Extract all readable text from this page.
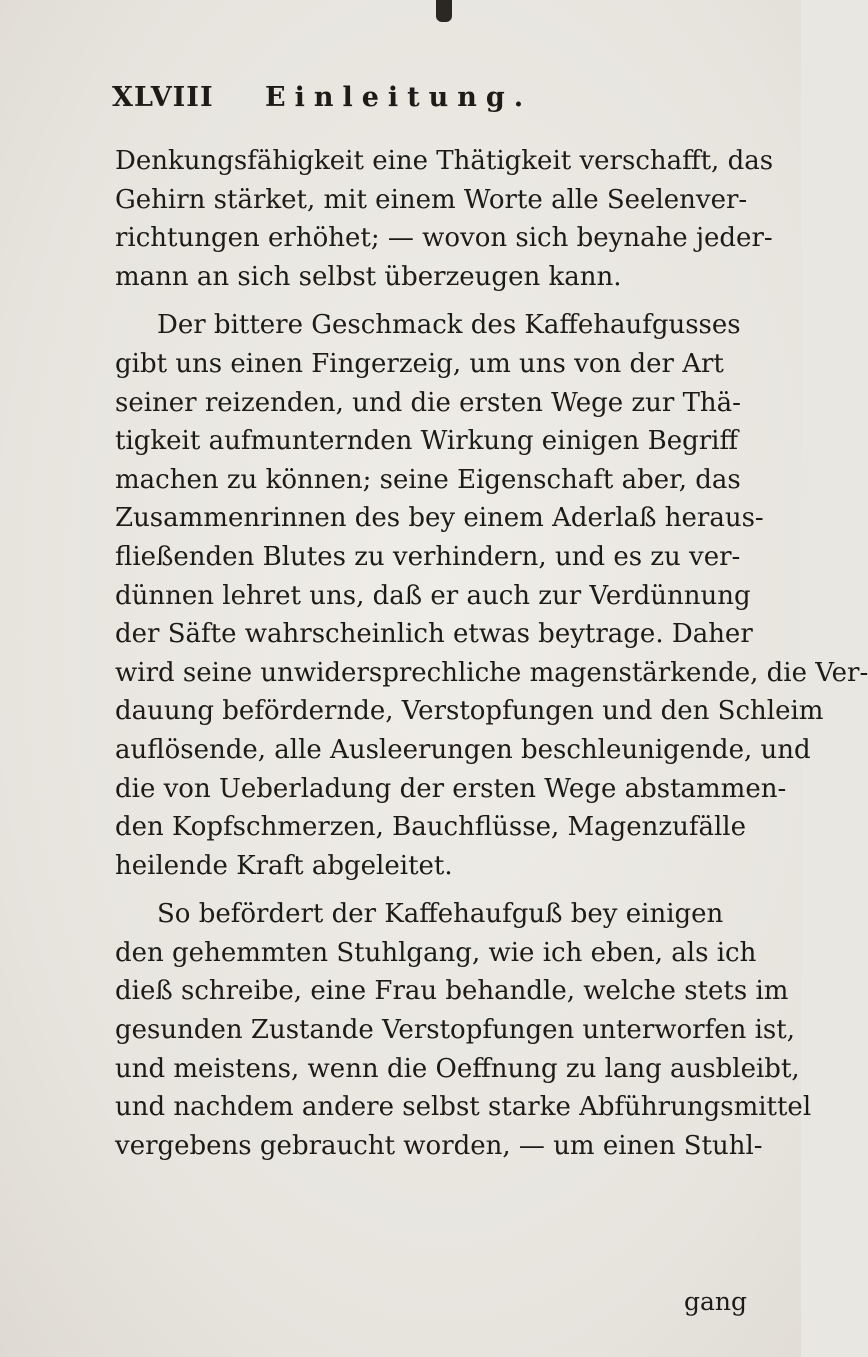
XLVIII Einleitung.
Denkungsfähigkeit eine Thätigkeit verschafft, das
Gehirn stärket, mit einem Worte alle Seelenver-
richtungen erhöhet; — wovon sich beynahe jeder-
mann an sich selbst überzeugen kann.
Der bittere Geschmack des Kaffehaufgusses
gibt uns einen Fingerzeig, um uns von der Art
seiner reizenden, und die ersten Wege zur Thä-
tigkeit aufmunternden Wirkung einigen Begriff
machen zu können; seine Eigenschaft aber, das
Zusammenrinnen des bey einem Aderlaß heraus-
fließenden Blutes zu verhindern, und es zu ver-
dünnen lehret uns, daß er auch zur Verdünnung
der Säfte wahrscheinlich etwas beytrage. Daher
wird seine unwidersprechliche magenstärkende, die Ver-
dauung befördernde, Verstopfungen und den Schleim
auflösende, alle Ausleerungen beschleunigende, und
die von Ueberladung der ersten Wege abstammen-
den Kopfschmerzen, Bauchflüsse, Magenzufälle
heilende Kraft abgeleitet.
So befördert der Kaffehaufguß bey einigen
den gehemmten Stuhlgang, wie ich eben, als ich
dieß schreibe, eine Frau behandle, welche stets im
gesunden Zustande Verstopfungen unterworfen ist,
und meistens, wenn die Oeffnung zu lang ausbleibt,
und nachdem andere selbst starke Abführungsmittel
vergebens gebraucht worden, — um einen Stuhl-
gang
